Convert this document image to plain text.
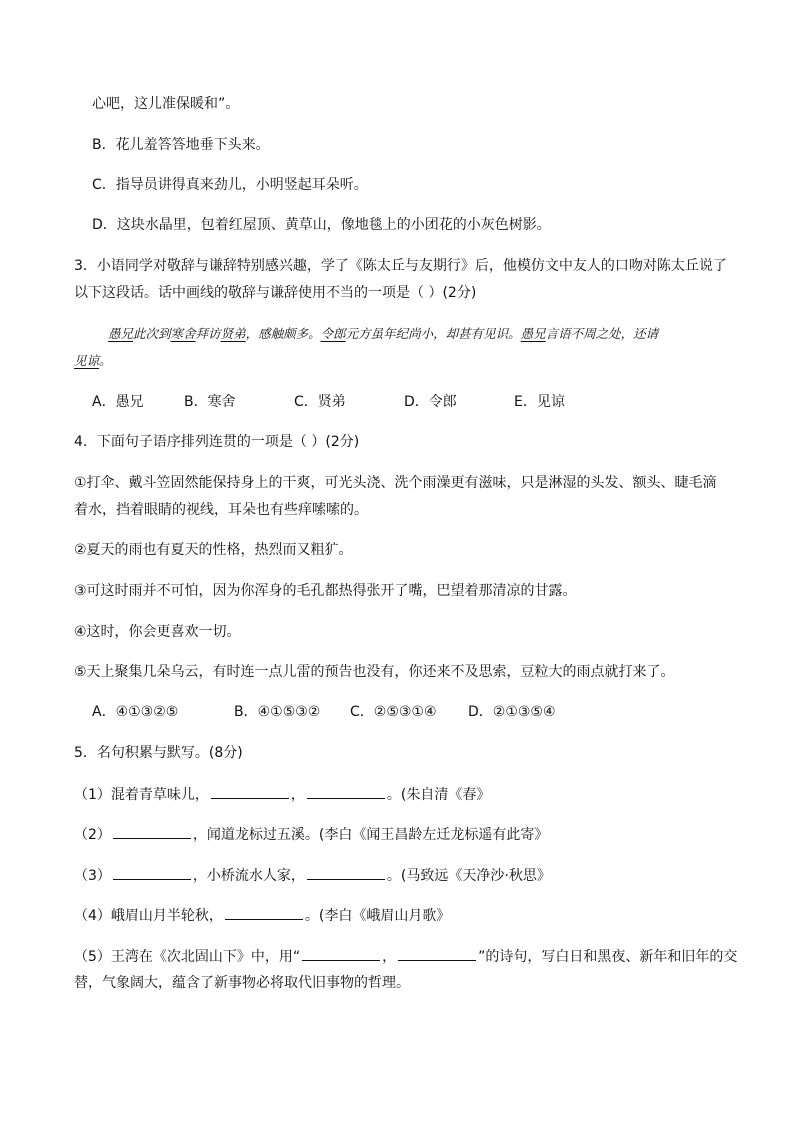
心吧，这儿准保暖和”。
B．花儿羞答答地垂下头来。
C．指导员讲得真来劲儿，小明竖起耳朵听。
D．这块水晶里，包着红屋顶、黄草山，像地毯上的小团花的小灰色树影。
3．小语同学对敬辞与谦辞特别感兴趣，学了《陈太丘与友期行》后，他模仿文中友人的口吻对陈太丘说了
以下这段话。话中画线的敬辞与谦辞使用不当的一项是（ ）(2分)
愚兄此次到寒舍拜访贤弟，感触颇多。令郎元方虽年纪尚小，却甚有见识。愚兄言语不周之处，还请
见谅。
A．愚兄	B．寒舍	C．贤弟	D．令郎	E．见谅
4．下面句子语序排列连贯的一项是（ ）(2分)
①打伞、戴斗笠固然能保持身上的干爽，可光头浇、洗个雨澡更有滋味，只是淋湿的头发、额头、睫毛滴
着水，挡着眼睛的视线，耳朵也有些痒嗦嗦的。
②夏天的雨也有夏天的性格，热烈而又粗犷。
③可这时雨并不可怕，因为你浑身的毛孔都热得张开了嘴，巴望着那清凉的甘露。
④这时，你会更喜欢一切。
⑤天上聚集几朵乌云，有时连一点儿雷的预告也没有，你还来不及思索，豆粒大的雨点就打来了。
A．④①③②⑤	B．④①⑤③② C．②⑤③①④ D．②①③⑤④
5．名句积累与默写。(8分)
（1）混着青草味儿，	，	。(朱自清《春》
（2）	，闻道龙标过五溪。(李白《闻王昌龄左迁龙标遥有此寄》
（3）	，小桥流水人家，	。(马致远《天净沙·秋思》
（4）峨眉山月半轮秋，	。(李白《峨眉山月歌》
（5）王湾在《次北固山下》中，用“	，	”的诗句，写白日和黑夜、新年和旧年的交
替，气象阔大，蕴含了新事物必将取代旧事物的哲理。
